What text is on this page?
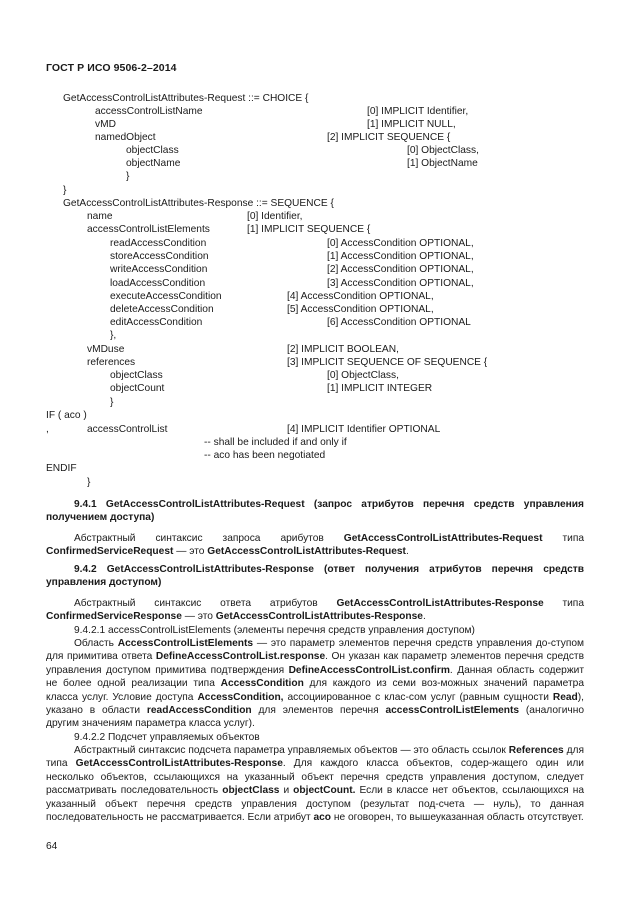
ГОСТ Р ИСО 9506-2–2014
GetAccessControlListAttributes-Request ::= CHOICE {
accessControlListName	[0] IMPLICIT Identifier,
vMD	[1] IMPLICIT NULL,
namedObject	[2] IMPLICIT SEQUENCE {
objectClass	[0] ObjectClass,
objectName	[1] ObjectName
}
}
GetAccessControlListAttributes-Response ::= SEQUENCE {
name	[0] Identifier,
accessControlListElements	[1] IMPLICIT SEQUENCE {
readAccessCondition	[0] AccessCondition OPTIONAL,
storeAccessCondition	[1] AccessCondition OPTIONAL,
writeAccessCondition	[2] AccessCondition OPTIONAL,
loadAccessCondition	[3] AccessCondition OPTIONAL,
executeAccessCondition	[4] AccessCondition OPTIONAL,
deleteAccessCondition	[5] AccessCondition OPTIONAL,
editAccessCondition	[6] AccessCondition OPTIONAL
},
vMDuse	[2] IMPLICIT BOOLEAN,
references	[3] IMPLICIT SEQUENCE OF SEQUENCE {
objectClass	[0] ObjectClass,
objectCount	[1] IMPLICIT INTEGER
}
IF ( aco )
,	accessControlList	[4] IMPLICIT Identifier OPTIONAL
-- shall be included if and only if
-- aco has been negotiated
ENDIF
}
9.4.1 GetAccessControlListAttributes-Request (запрос атрибутов перечня средств управления получением доступа)
Абстрактный синтаксис запроса арибутов GetAccessControlListAttributes-Request типа ConfirmedServiceRequest — это GetAccessControlListAttributes-Request.
9.4.2 GetAccessControlListAttributes-Response (ответ получения атрибутов перечня средств управления доступом)
Абстрактный синтаксис ответа атрибутов GetAccessControlListAttributes-Response типа ConfirmedServiceResponse — это GetAccessControlListAttributes-Response.
9.4.2.1 accessControlListElements (элементы перечня средств управления доступом)
Область AccessControlListElements — это параметр элементов перечня средств управления до-ступом для примитива ответа DefineAccessControlList.response. Он указан как параметр элементов перечня средств управления доступом примитива подтверждения DefineAccessControlList.confirm. Данная область содержит не более одной реализации типа AccessCondition для каждого из семи воз-можных значений параметра класса услуг. Условие доступа AccessCondition, ассоциированное с клас-сом услуг (равным сущности Read), указано в области readAccessCondition для элементов перечня accessControlListElements (аналогично другим значениям параметра класса услуг).
9.4.2.2 Подсчет управляемых объектов
Абстрактный синтаксис подсчета параметра управляемых объектов — это область ссылок References для типа GetAccessControlListAttributes-Response. Для каждого класса объектов, содер-жащего один или несколько объектов, ссылающихся на указанный объект перечня средств управления доступом, следует рассматривать последовательность objectClass и objectCount. Если в классе нет объектов, ссылающихся на указанный объект перечня средств управления доступом (результат под-счета — нуль), то данная последовательность не рассматривается. Если атрибут aco не оговорен, то вышеуказанная область отсутствует.
64
